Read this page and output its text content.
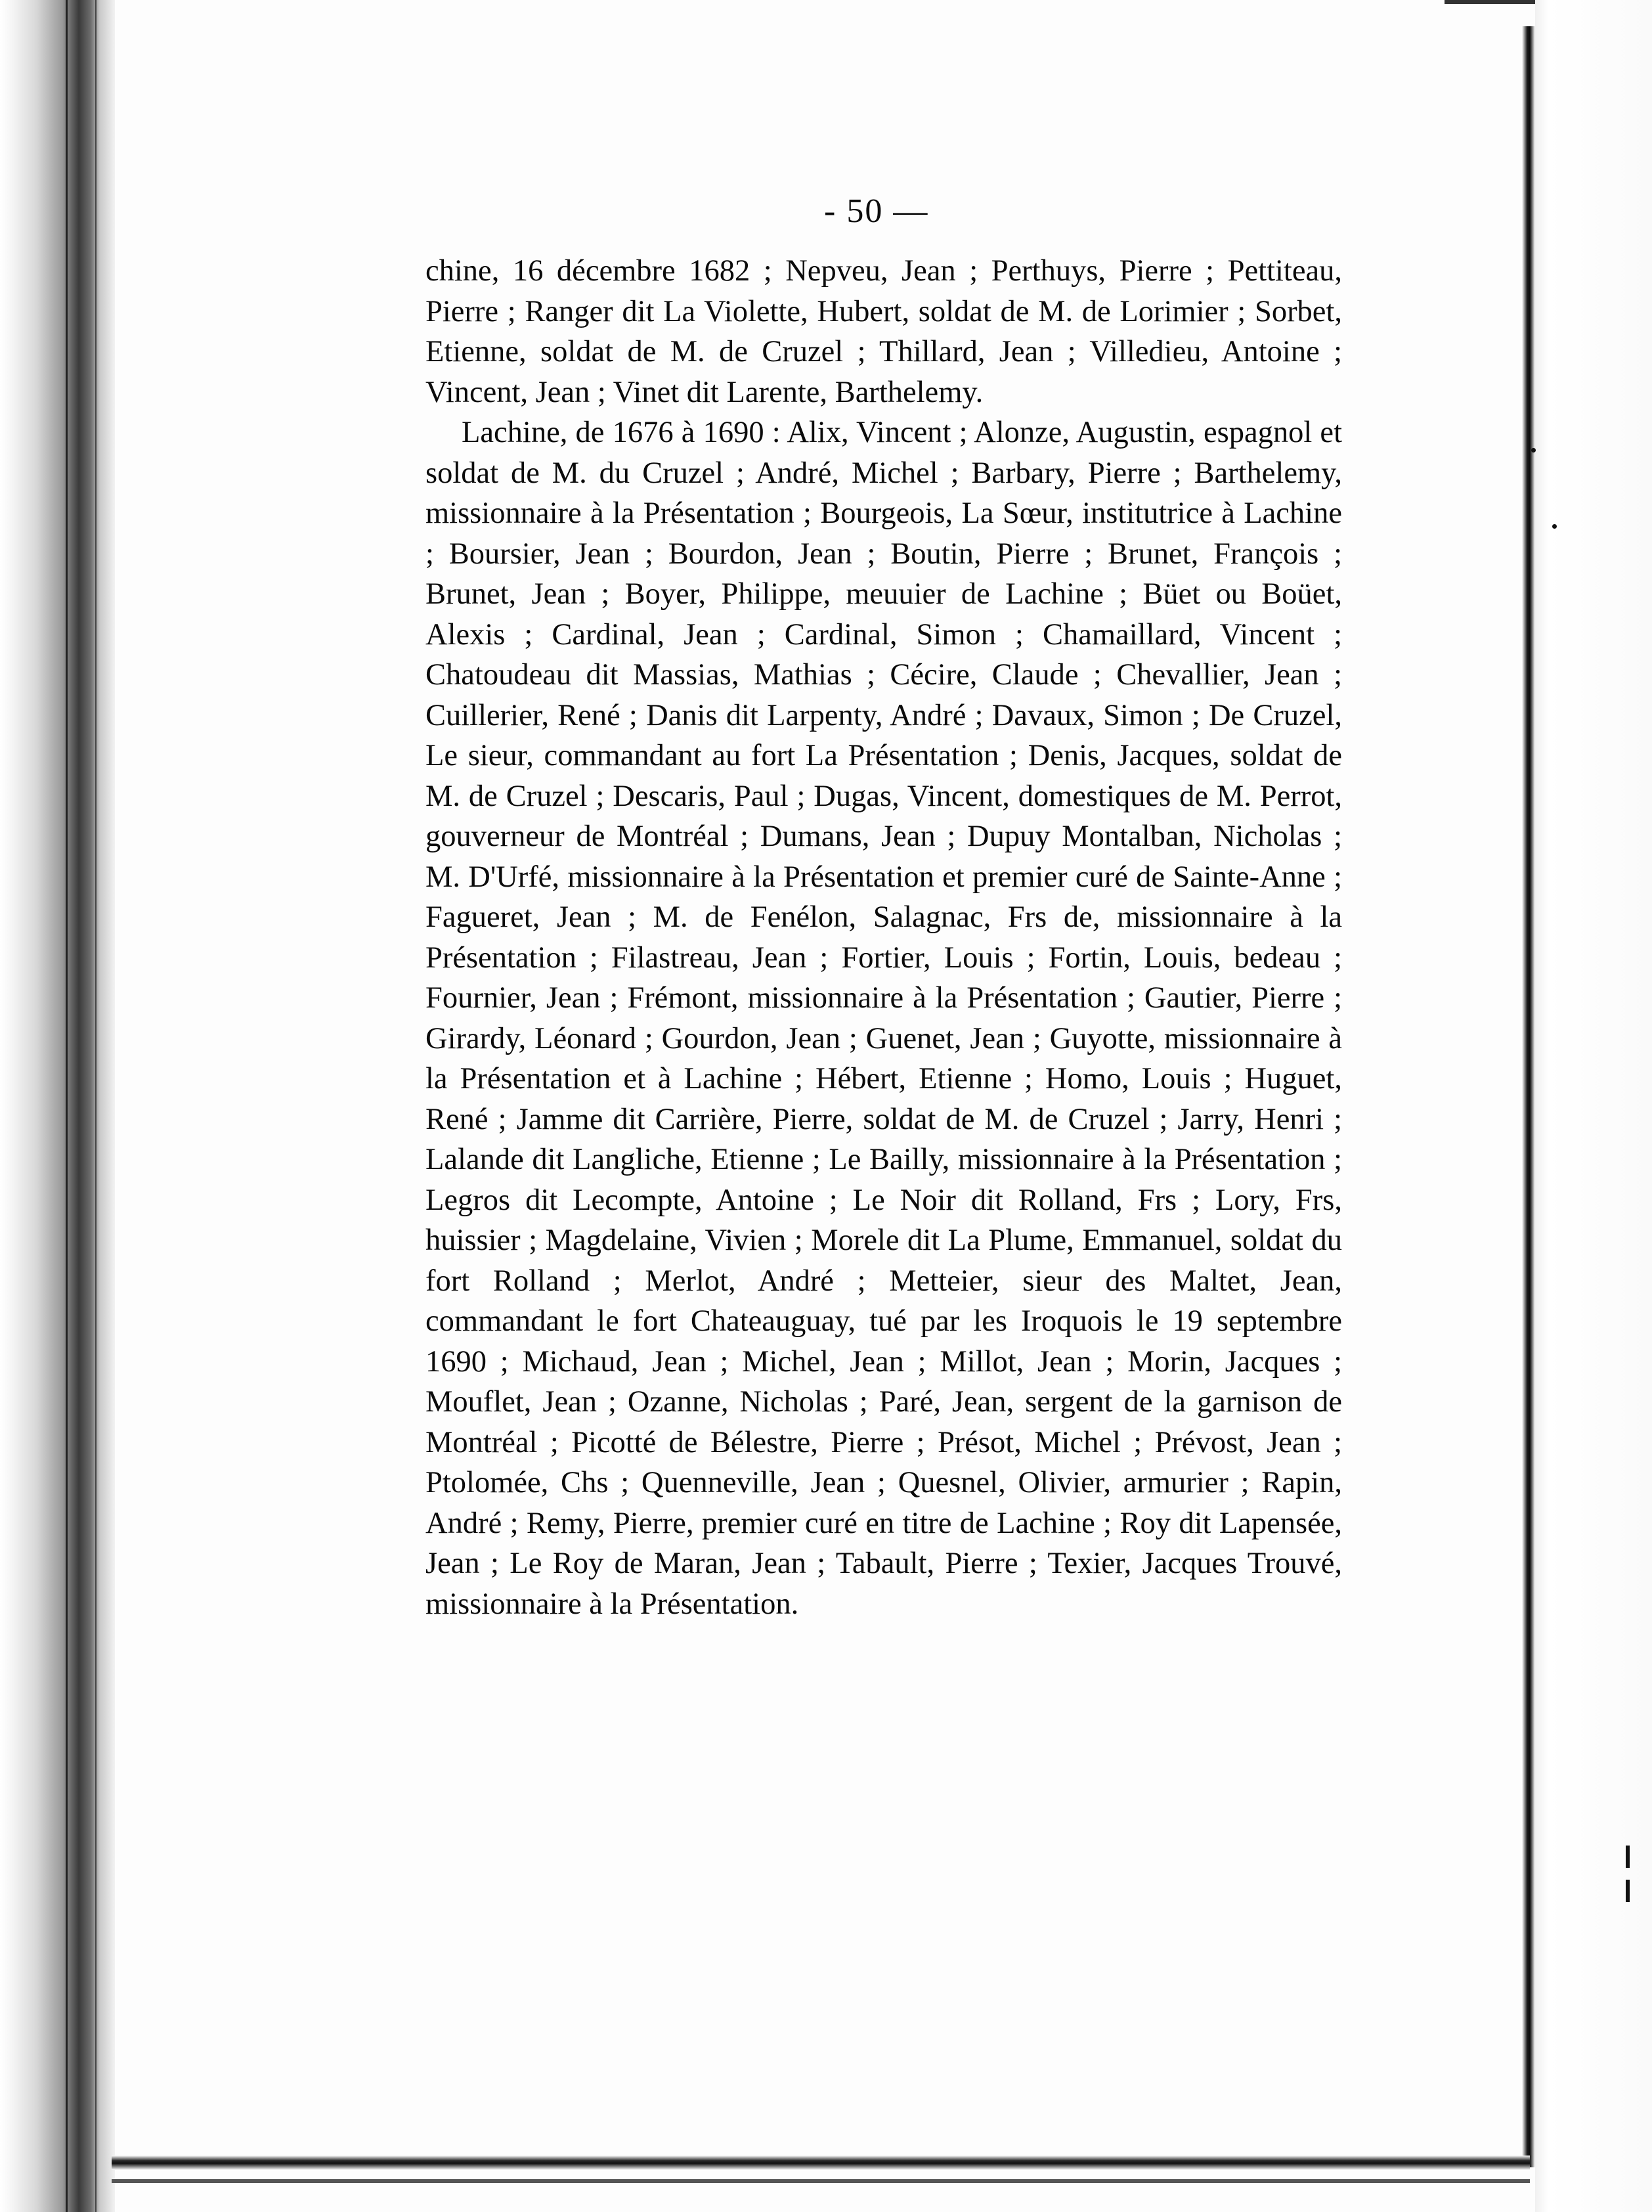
- 50 —

chine, 16 décembre 1682 ; Nepveu, Jean ; Perthuys, Pierre ; Pettiteau, Pierre ; Ranger dit La Violette, Hubert, soldat de M. de Lorimier ; Sorbet, Etienne, soldat de M. de Cruzel ; Thillard, Jean ; Villedieu, Antoine ; Vincent, Jean ; Vinet dit Larente, Barthelemy.

Lachine, de 1676 à 1690 : Alix, Vincent ; Alonze, Augustin, espagnol et soldat de M. du Cruzel ; André, Michel ; Barbary, Pierre ; Barthelemy, missionnaire à la Présentation ; Bourgeois, La Sœur, institutrice à Lachine ; Boursier, Jean ; Bourdon, Jean ; Boutin, Pierre ; Brunet, François ; Brunet, Jean ; Boyer, Philippe, meuuier de Lachine ; Büet ou Boüet, Alexis ; Cardinal, Jean ; Cardinal, Simon ; Chamaillard, Vincent ; Chatoudeau dit Massias, Mathias ; Cécire, Claude ; Chevallier, Jean ; Cuillerier, René ; Danis dit Larpenty, André ; Davaux, Simon ; De Cruzel, Le sieur, commandant au fort La Présentation ; Denis, Jacques, soldat de M. de Cruzel ; Descaris, Paul ; Dugas, Vincent, domestiques de M. Perrot, gouverneur de Montréal ; Dumans, Jean ; Dupuy Montalban, Nicholas ; M. D'Urfé, missionnaire à la Présentation et premier curé de Sainte-Anne ; Fagueret, Jean ; M. de Fenélon, Salagnac, Frs de, missionnaire à la Présentation ; Filastreau, Jean ; Fortier, Louis ; Fortin, Louis, bedeau ; Fournier, Jean ; Frémont, missionnaire à la Présentation ; Gautier, Pierre ; Girardy, Léonard ; Gourdon, Jean ; Guenet, Jean ; Guyotte, missionnaire à la Présentation et à Lachine ; Hébert, Etienne ; Homo, Louis ; Huguet, René ; Jamme dit Carrière, Pierre, soldat de M. de Cruzel ; Jarry, Henri ; Lalande dit Langliche, Etienne ; Le Bailly, missionnaire à la Présentation ; Legros dit Lecompte, Antoine ; Le Noir dit Rolland, Frs ; Lory, Frs, huissier ; Magdelaine, Vivien ; Morele dit La Plume, Emmanuel, soldat du fort Rolland ; Merlot, André ; Metteier, sieur des Maltet, Jean, commandant le fort Chateauguay, tué par les Iroquois le 19 septembre 1690 ; Michaud, Jean ; Michel, Jean ; Millot, Jean ; Morin, Jacques ; Mouflet, Jean ; Ozanne, Nicholas ; Paré, Jean, sergent de la garnison de Montréal ; Picotté de Bélestre, Pierre ; Présot, Michel ; Prévost, Jean ; Ptolomée, Chs ; Quenneville, Jean ; Quesnel, Olivier, armurier ; Rapin, André ; Remy, Pierre, premier curé en titre de Lachine ; Roy dit Lapensée, Jean ; Le Roy de Maran, Jean ; Tabault, Pierre ; Texier, Jacques Trouvé, missionnaire à la Présentation.
